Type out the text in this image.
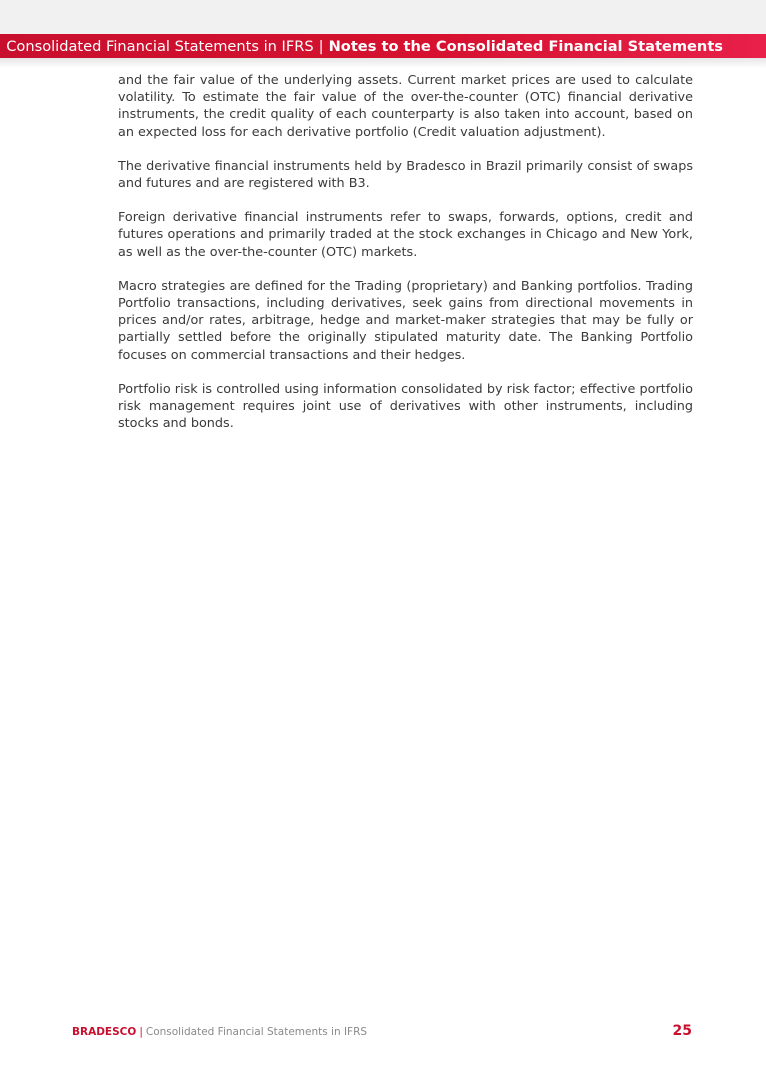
Consolidated Financial Statements in IFRS | Notes to the Consolidated Financial Statements

and the fair value of the underlying assets. Current market prices are used to calculate volatility. To estimate the fair value of the over-the-counter (OTC) financial derivative instruments, the credit quality of each counterparty is also taken into account, based on an expected loss for each derivative portfolio (Credit valuation adjustment).

The derivative financial instruments held by Bradesco in Brazil primarily consist of swaps and futures and are registered with B3.

Foreign derivative financial instruments refer to swaps, forwards, options, credit and futures operations and primarily traded at the stock exchanges in Chicago and New York, as well as the over-the-counter (OTC) markets.

Macro strategies are defined for the Trading (proprietary) and Banking portfolios. Trading Portfolio transactions, including derivatives, seek gains from directional movements in prices and/or rates, arbitrage, hedge and market-maker strategies that may be fully or partially settled before the originally stipulated maturity date. The Banking Portfolio focuses on commercial transactions and their hedges.

Portfolio risk is controlled using information consolidated by risk factor; effective portfolio risk management requires joint use of derivatives with other instruments, including stocks and bonds.

BRADESCO | Consolidated Financial Statements in IFRS	25
